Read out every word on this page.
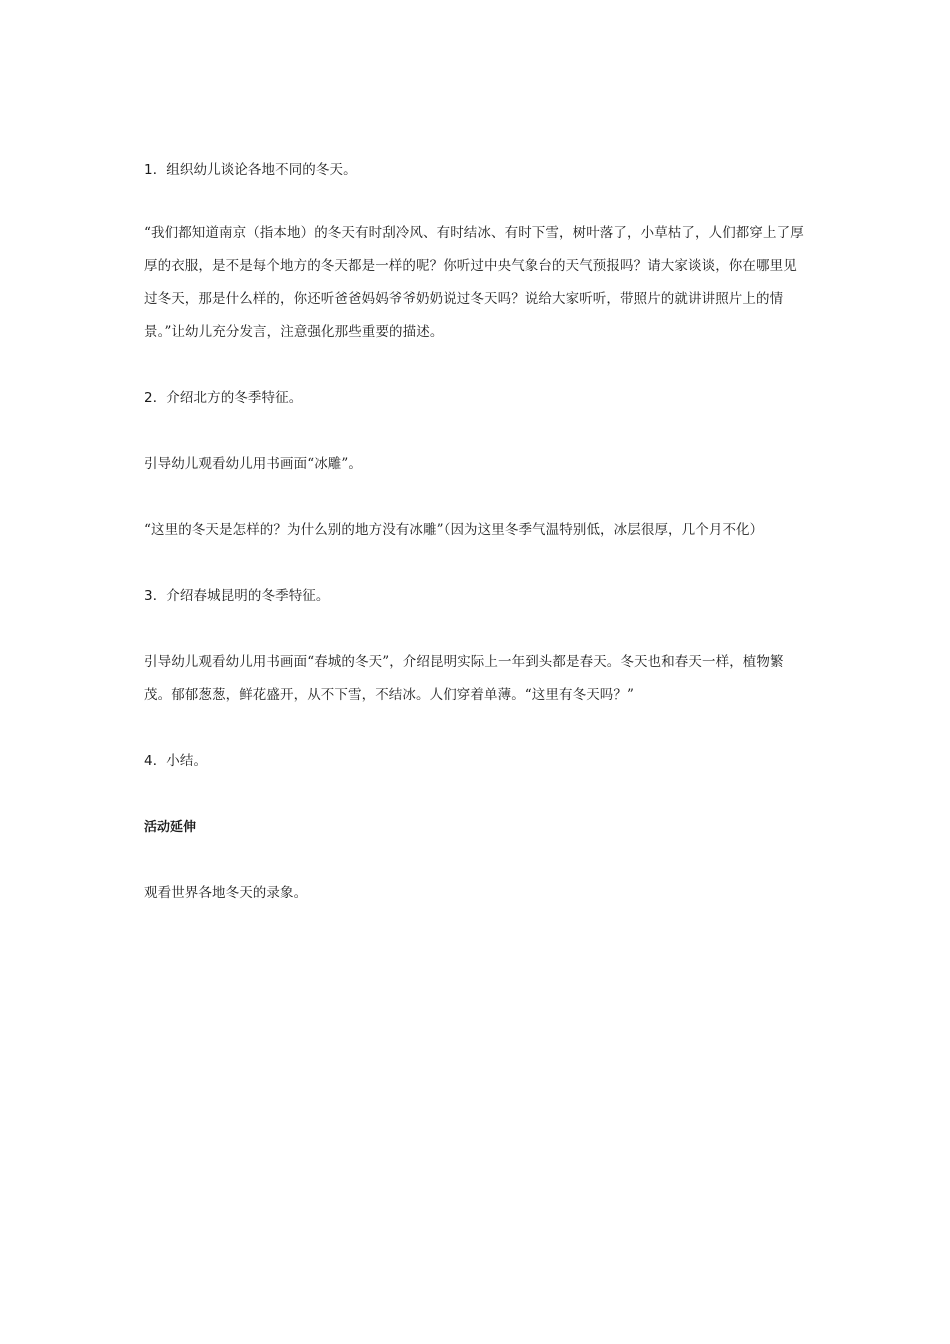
1．组织幼儿谈论各地不同的冬天。

“我们都知道南京（指本地）的冬天有时刮冷风、有时结冰、有时下雪，树叶落了，小草枯了，人们都穿上了厚厚的衣服，是不是每个地方的冬天都是一样的呢？你听过中央气象台的天气预报吗？请大家谈谈，你在哪里见过冬天，那是什么样的，你还听爸爸妈妈爷爷奶奶说过冬天吗？说给大家听听，带照片的就讲讲照片上的情景。”让幼儿充分发言，注意强化那些重要的描述。

2．介绍北方的冬季特征。

引导幼儿观看幼儿用书画面“冰雕”。

“这里的冬天是怎样的？为什么别的地方没有冰雕”（因为这里冬季气温特别低，冰层很厚，几个月不化）

3．介绍春城昆明的冬季特征。

引导幼儿观看幼儿用书画面“春城的冬天”，介绍昆明实际上一年到头都是春天。冬天也和春天一样，植物繁茂。郁郁葱葱，鲜花盛开，从不下雪，不结冰。人们穿着单薄。“这里有冬天吗？”

4．小结。

活动延伸

观看世界各地冬天的录象。
